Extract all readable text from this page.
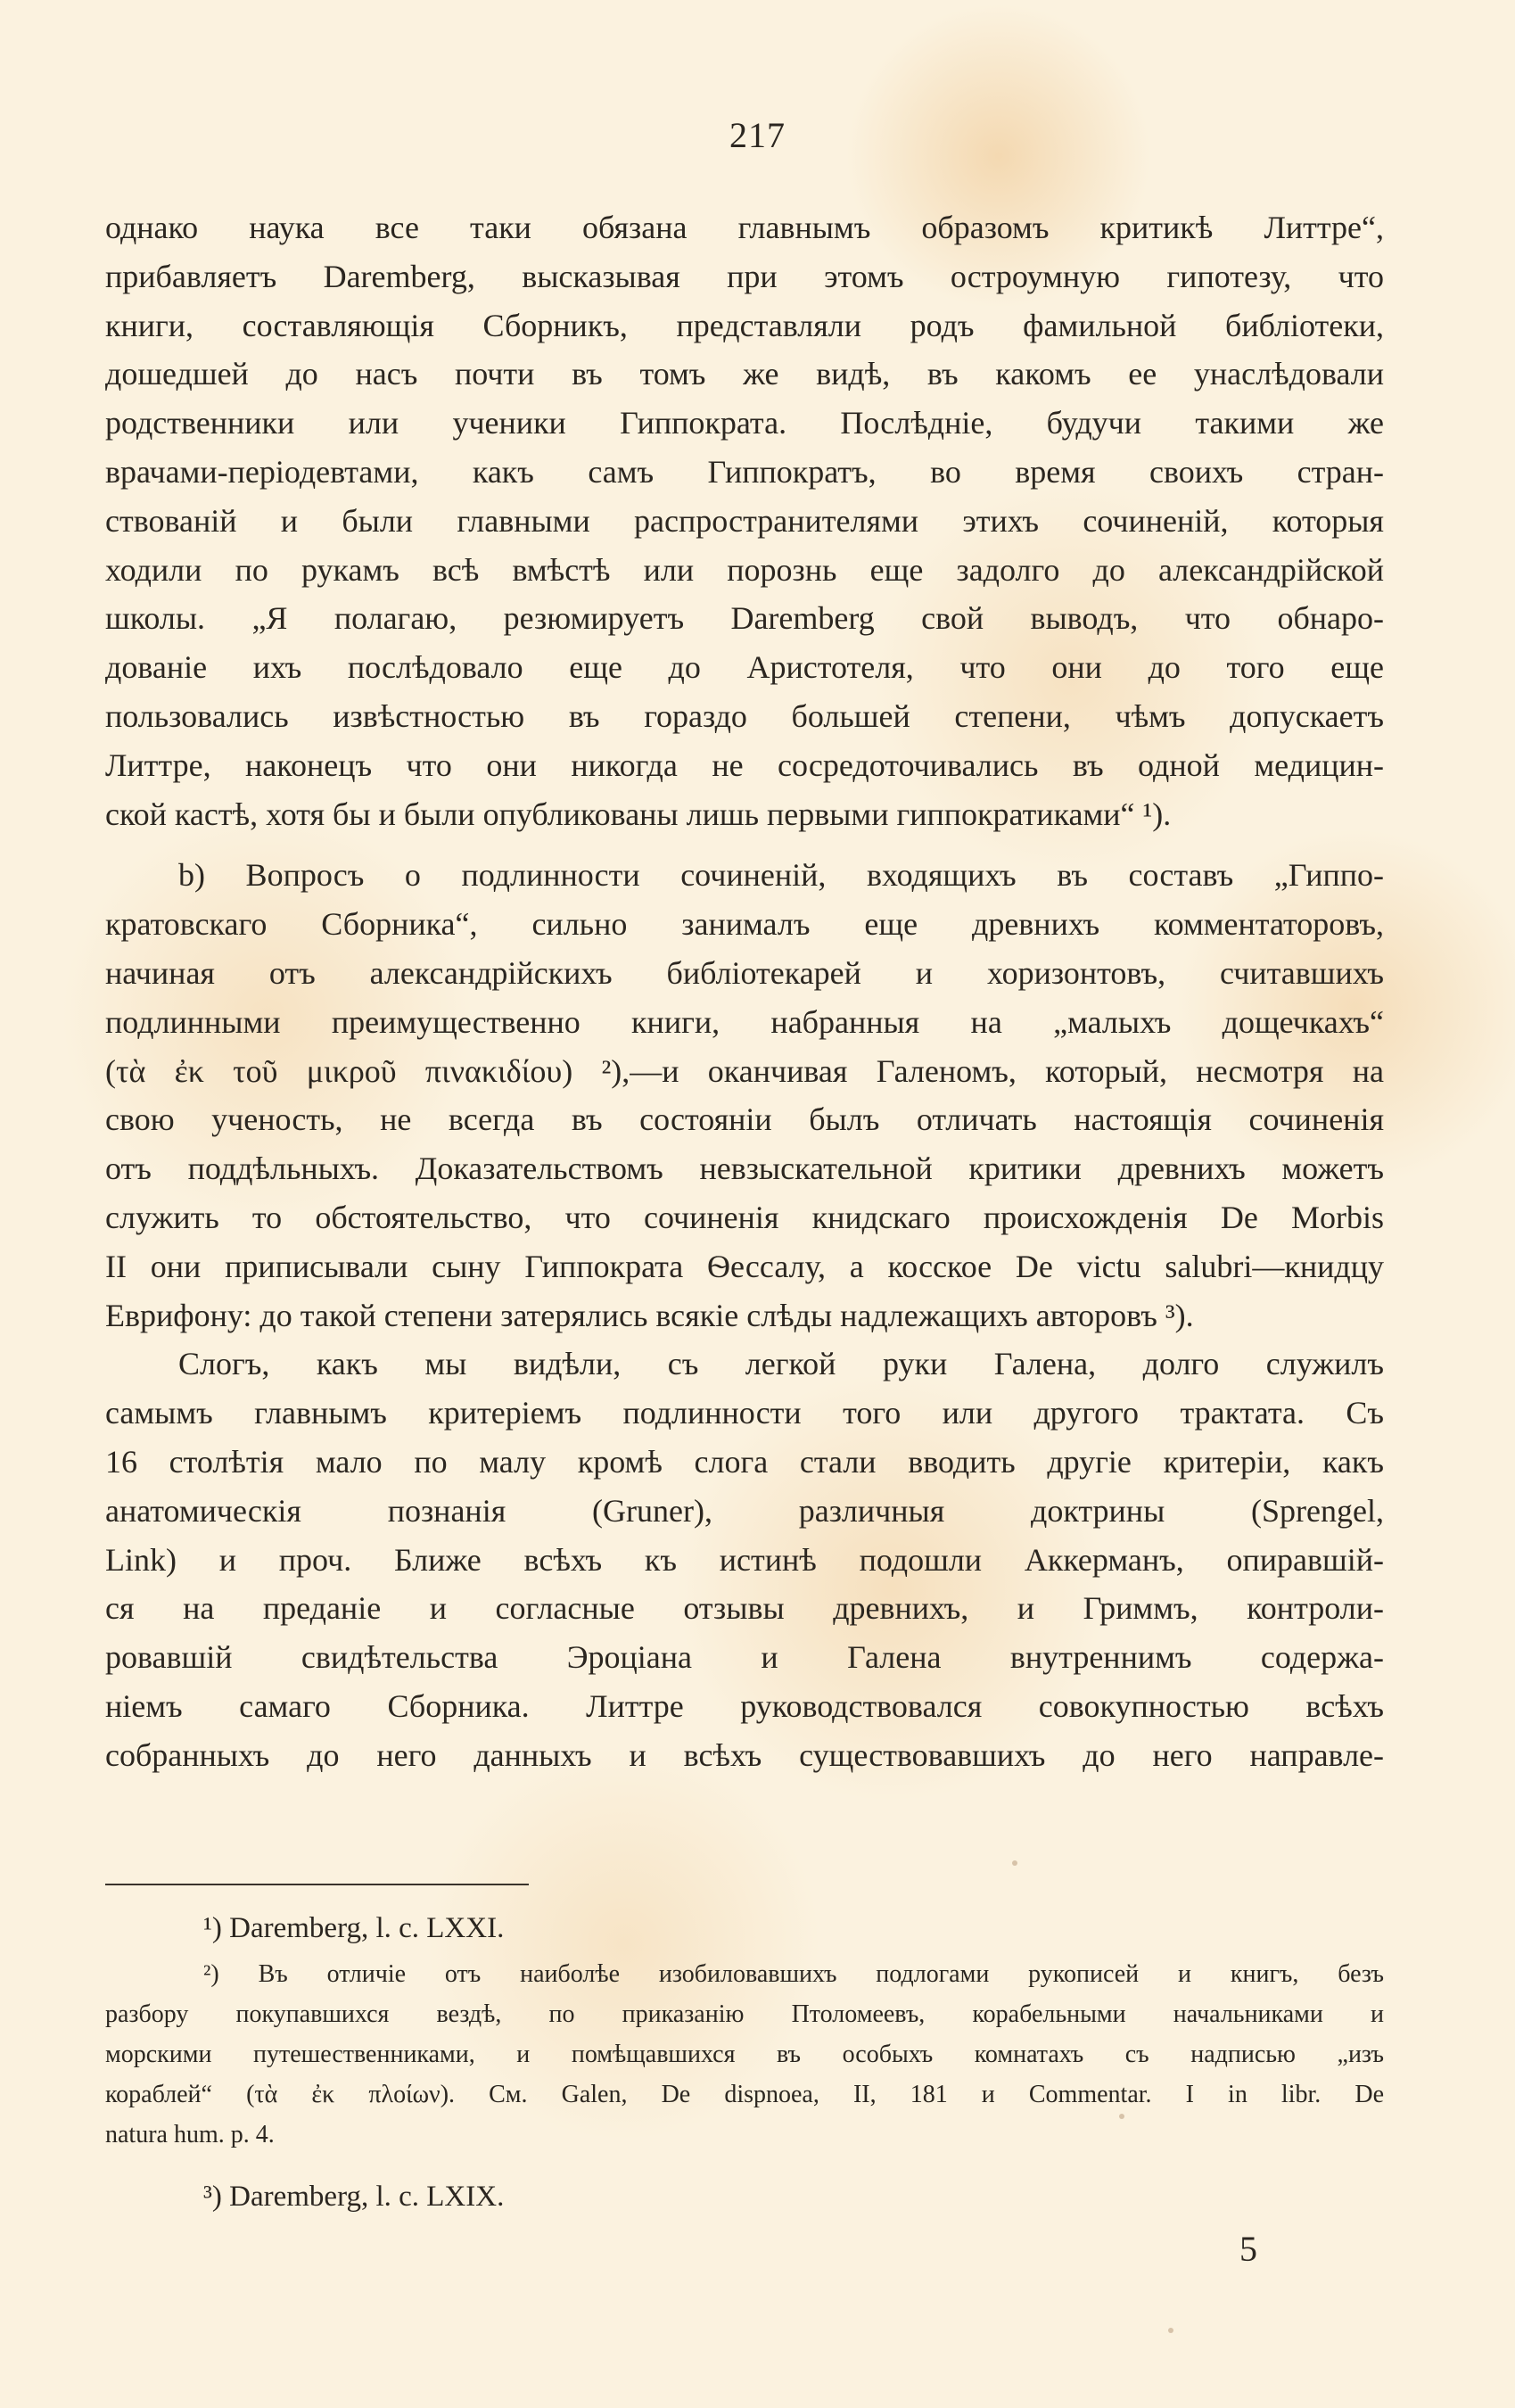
217
однако наука все таки обязана главнымъ образомъ критикѣ Литтре“,
прибавляетъ Daremberg, высказывая при этомъ остроумную гипотезу, что
книги, составляющія Сборникъ, представляли родъ фамильной библіотеки,
дошедшей до насъ почти въ томъ же видѣ, въ какомъ ее унаслѣдовали
родственники или ученики Гиппократа. Послѣдніе, будучи такими же
врачами-періодевтами, какъ самъ Гиппократъ, во время своихъ стран-
ствованій и были главными распространителями этихъ сочиненій, которыя
ходили по рукамъ всѣ вмѣстѣ или порознь еще задолго до александрійской
школы. „Я полагаю, резюмируетъ Daremberg свой выводъ, что обнаро-
дованіе ихъ послѣдовало еще до Аристотеля, что они до того еще
пользовались извѣстностью въ гораздо большей степени, чѣмъ допускаетъ
Литтре, наконецъ что они никогда не сосредоточивались въ одной медицин-
ской кастѣ, хотя бы и были опубликованы лишь первыми гиппократиками“ ¹).
b) Вопросъ о подлинности сочиненій, входящихъ въ составъ „Гиппо-
кратовскаго Сборника“, сильно занималъ еще древнихъ комментаторовъ,
начиная отъ александрійскихъ библіотекарей и хоризонтовъ, считавшихъ
подлинными преимущественно книги, набранныя на „малыхъ дощечкахъ“
(τὰ ἐκ τοῦ μικροῦ πινακιδίου) ²),—и оканчивая Галеномъ, который, несмотря на
свою ученость, не всегда въ состояніи былъ отличать настоящія сочиненія
отъ поддѣльныхъ. Доказательствомъ невзыскательной критики древнихъ можетъ
служить то обстоятельство, что сочиненія книдскаго происхожденія De Morbis
II они приписывали сыну Гиппократа Ѳессалу, а косское De victu salubri—книдцу
Еврифону: до такой степени затерялись всякіе слѣды надлежащихъ авторовъ ³).
Слогъ, какъ мы видѣли, съ легкой руки Галена, долго служилъ
самымъ главнымъ критеріемъ подлинности того или другого трактата. Съ
16 столѣтія мало по малу кромѣ слога стали вводить другіе критеріи, какъ
анатомическія познанія (Gruner), различныя доктрины (Sprengel,
Link) и проч. Ближе всѣхъ къ истинѣ подошли Аккерманъ, опиравшій-
ся на преданіе и согласные отзывы древнихъ, и Гриммъ, контроли-
ровавшій свидѣтельства Эроціана и Галена внутреннимъ содержа-
ніемъ самаго Сборника. Литтре руководствовался совокупностью всѣхъ
собранныхъ до него данныхъ и всѣхъ существовавшихъ до него направле-
¹) Daremberg, l. c. LXXI.
²) Въ отличіе отъ наиболѣе изобиловавшихъ подлогами рукописей и книгъ, безъ
разбору покупавшихся вездѣ, по приказанію Птоломеевъ, корабельными начальниками и
морскими путешественниками, и помѣщавшихся въ особыхъ комнатахъ съ надписью „изъ
кораблей“ (τὰ ἐκ πλοίων). См. Galen, De dispnoea, II, 181 и Commentar. I in libr. De
natura hum. p. 4.
³) Daremberg, l. c. LXIX.
5
